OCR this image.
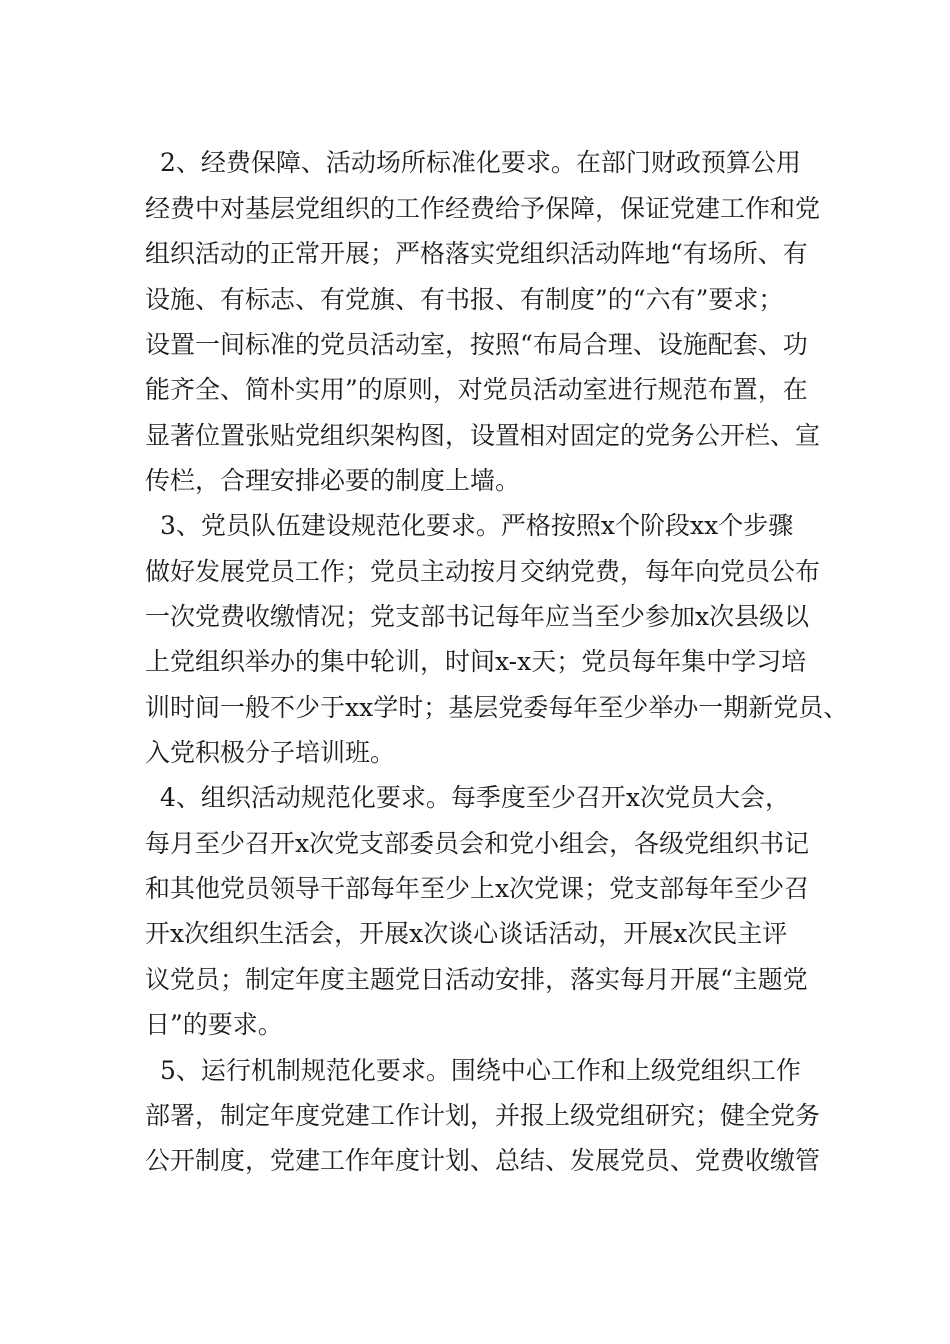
2、经费保障、活动场所标准化要求。在部门财政预算公用

经费中对基层党组织的工作经费给予保障，保证党建工作和党

组织活动的正常开展；严格落实党组织活动阵地“有场所、有

设施、有标志、有党旗、有书报、有制度”的“六有”要求；

设置一间标准的党员活动室，按照“布局合理、设施配套、功

能齐全、简朴实用”的原则，对党员活动室进行规范布置，在

显著位置张贴党组织架构图，设置相对固定的党务公开栏、宣

传栏，合理安排必要的制度上墙。

3、党员队伍建设规范化要求。严格按照x个阶段xx个步骤

做好发展党员工作；党员主动按月交纳党费，每年向党员公布

一次党费收缴情况；党支部书记每年应当至少参加x次县级以

上党组织举办的集中轮训，时间x-x天；党员每年集中学习培

训时间一般不少于xx学时；基层党委每年至少举办一期新党员、

入党积极分子培训班。

4、组织活动规范化要求。每季度至少召开x次党员大会，

每月至少召开x次党支部委员会和党小组会，各级党组织书记

和其他党员领导干部每年至少上x次党课；党支部每年至少召

开x次组织生活会，开展x次谈心谈话活动，开展x次民主评

议党员；制定年度主题党日活动安排，落实每月开展“主题党

日”的要求。

5、运行机制规范化要求。围绕中心工作和上级党组织工作

部署，制定年度党建工作计划，并报上级党组研究；健全党务

公开制度，党建工作年度计划、总结、发展党员、党费收缴管
